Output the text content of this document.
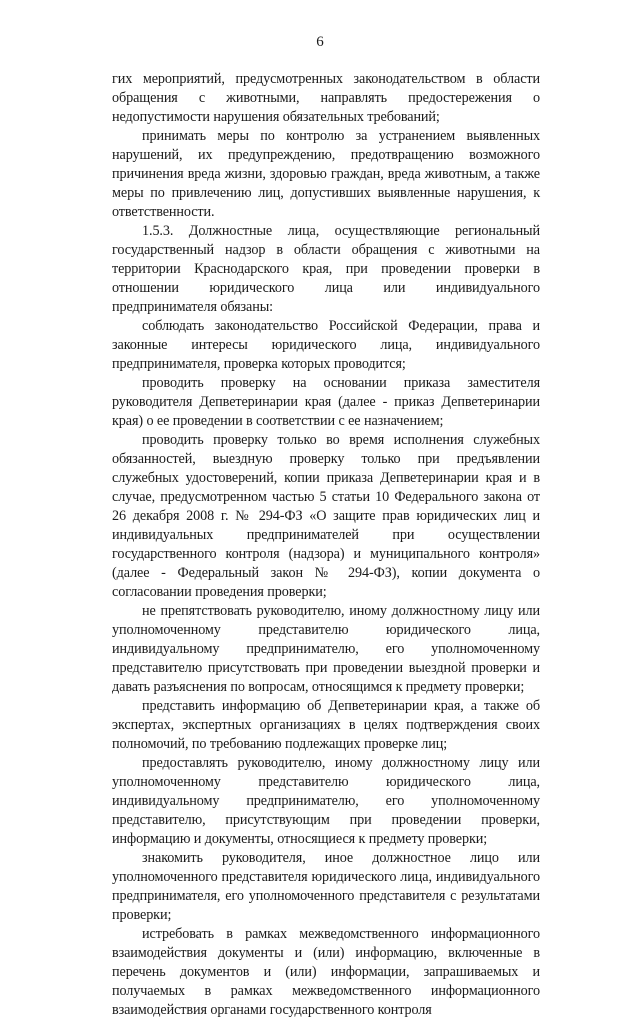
6

гих мероприятий, предусмотренных законодательством в области обращения с животными, направлять предостережения о недопустимости нарушения обязательных требований;

принимать меры по контролю за устранением выявленных нарушений, их предупреждению, предотвращению возможного причинения вреда жизни, здоровью граждан, вреда животным, а также меры по привлечению лиц, допустивших выявленные нарушения, к ответственности.

1.5.3. Должностные лица, осуществляющие региональный государственный надзор в области обращения с животными на территории Краснодарского края, при проведении проверки в отношении юридического лица или индивидуального предпринимателя обязаны:

соблюдать законодательство Российской Федерации, права и законные интересы юридического лица, индивидуального предпринимателя, проверка которых проводится;

проводить проверку на основании приказа заместителя руководителя Депветеринарии края (далее - приказ Депветеринарии края) о ее проведении в соответствии с ее назначением;

проводить проверку только во время исполнения служебных обязанностей, выездную проверку только при предъявлении служебных удостоверений, копии приказа Депветеринарии края и в случае, предусмотренном частью 5 статьи 10 Федерального закона от 26 декабря 2008 г. № 294-ФЗ «О защите прав юридических лиц и индивидуальных предпринимателей при осуществлении государственного контроля (надзора) и муниципального контроля» (далее - Федеральный закон № 294-ФЗ), копии документа о согласовании проведения проверки;

не препятствовать руководителю, иному должностному лицу или уполномоченному представителю юридического лица, индивидуальному предпринимателю, его уполномоченному представителю присутствовать при проведении выездной проверки и давать разъяснения по вопросам, относящимся к предмету проверки;

представить информацию об Депветеринарии края, а также об экспертах, экспертных организациях в целях подтверждения своих полномочий, по требованию подлежащих проверке лиц;

предоставлять руководителю, иному должностному лицу или уполномоченному представителю юридического лица, индивидуальному предпринимателю, его уполномоченному представителю, присутствующим при проведении проверки, информацию и документы, относящиеся к предмету проверки;

знакомить руководителя, иное должностное лицо или уполномоченного представителя юридического лица, индивидуального предпринимателя, его уполномоченного представителя с результатами проверки;

истребовать в рамках межведомственного информационного взаимодействия документы и (или) информацию, включенные в перечень документов и (или) информации, запрашиваемых и получаемых в рамках межведомственного информационного взаимодействия органами государственного контроля
